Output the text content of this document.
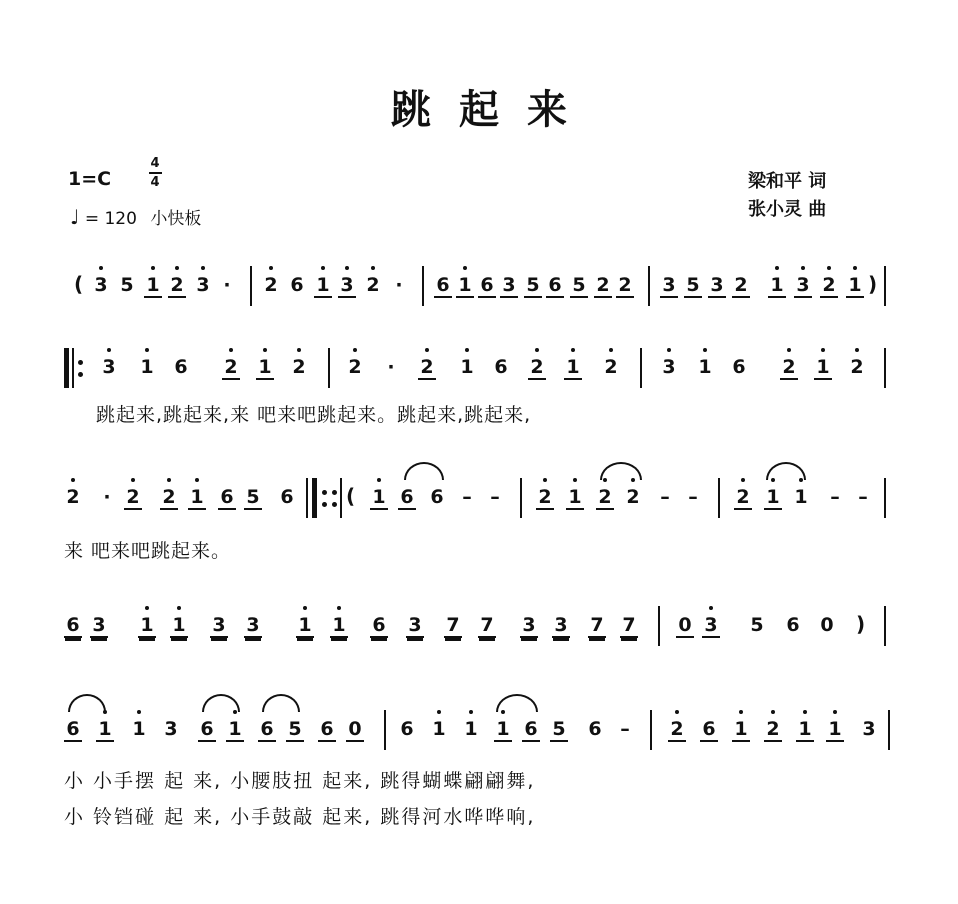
跳起来
1=C
4
4
♩ = 120 小快板
梁和平 词
张小灵 曲
( 3 5 1 2 3 · 2 6 1 3 2 · 6 1 6 3 5 6 5 2 2 3 5 3 2 1 3 2 1 )
3 1 6 2 1 2 2 · 2 1 6 2 1 2 3 1 6 2 1 2
跳起来,跳起来,来 吧来吧跳起来。跳起来,跳起来,
2 · 2 2 1 6 5 6	( 1 6 6 – – 2 1 2 2 – – 2 1 1 – –
来 吧来吧跳起来。
6 3 1 1 3 3 1 1 6 3 7 7 3 3 7 7 0 3 5 6 0 )
6 1 1 3 6 1 6 5 6 0 6 1 1 1 6 5 6 – 2 6 1 2 1 1 3
小 小手摆 起 来, 小腰肢扭 起来, 跳得蝴蝶翩翩舞,
小 铃铛碰 起 来, 小手鼓敲 起来, 跳得河水哗哗响,
